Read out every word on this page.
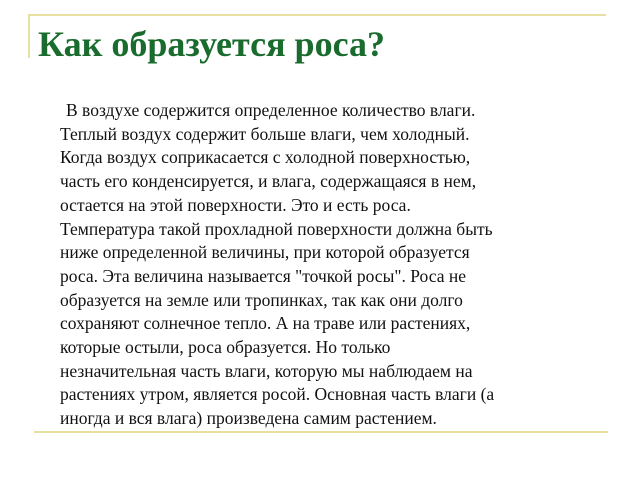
Как образуется роса?

В воздухе содержится определенное количество влаги.
Теплый воздух содержит больше влаги, чем холодный.
Когда воздух соприкасается с холодной поверхностью,
часть его конденсируется, и влага, содержащаяся в нем,
остается на этой поверхности. Это и есть роса.
Температура такой прохладной поверхности должна быть
ниже определенной величины, при которой образуется
роса. Эта величина называется "точкой росы". Роса не
образуется на земле или тропинках, так как они долго
сохраняют солнечное тепло. А на траве или растениях,
которые остыли, роса образуется. Но только
незначительная часть влаги, которую мы наблюдаем на
растениях утром, является росой. Основная часть влаги (а
иногда и вся влага) произведена самим растением.
